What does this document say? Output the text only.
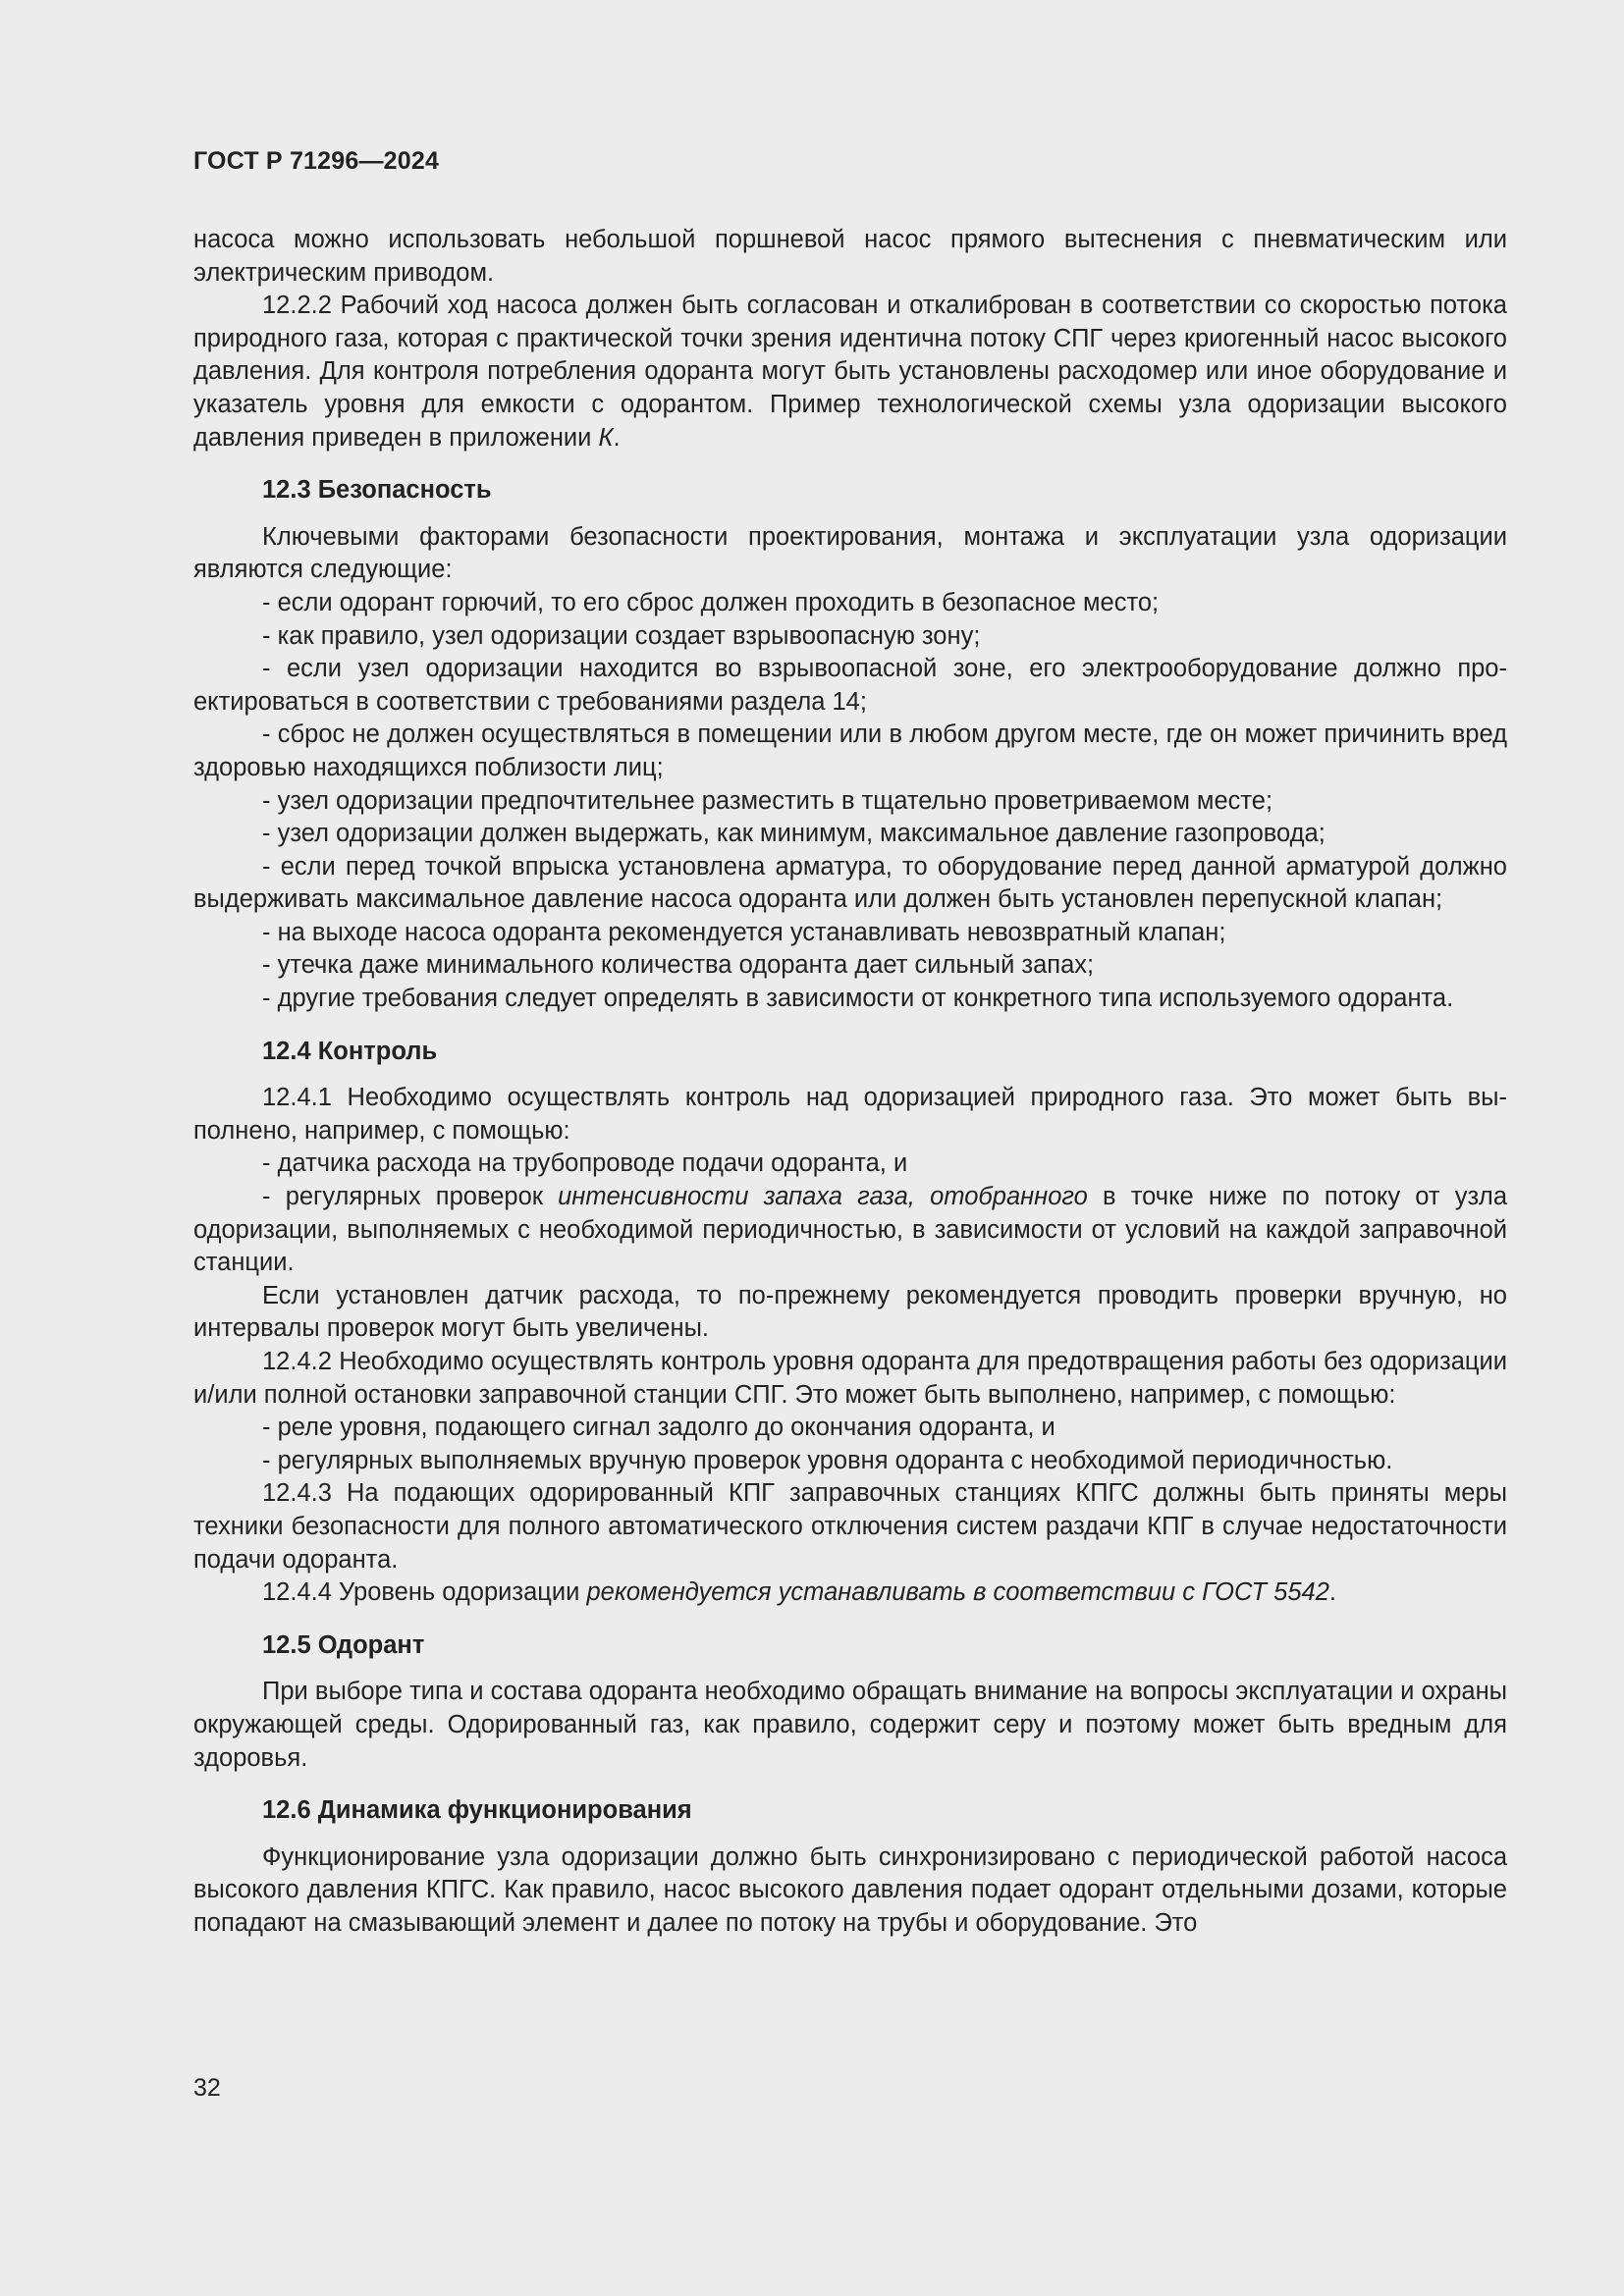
ГОСТ Р 71296—2024

насоса можно использовать небольшой поршневой насос прямого вытеснения с пневматическим или электрическим приводом.

12.2.2 Рабочий ход насоса должен быть согласован и откалиброван в соответствии со скоростью потока природного газа, которая с практической точки зрения идентична потоку СПГ через криогенный насос высокого давления. Для контроля потребления одоранта могут быть установлены расходомер или иное оборудование и указатель уровня для емкости с одорантом. Пример технологической схемы узла одоризации высокого давления приведен в приложении К.

12.3 Безопасность

Ключевыми факторами безопасности проектирования, монтажа и эксплуатации узла одоризации являются следующие:

- если одорант горючий, то его сброс должен проходить в безопасное место;

- как правило, узел одоризации создает взрывоопасную зону;

- если узел одоризации находится во взрывоопасной зоне, его электрооборудование должно проектироваться в соответствии с требованиями раздела 14;

- сброс не должен осуществляться в помещении или в любом другом месте, где он может причинить вред здоровью находящихся поблизости лиц;

- узел одоризации предпочтительнее разместить в тщательно проветриваемом месте;

- узел одоризации должен выдержать, как минимум, максимальное давление газопровода;

- если перед точкой впрыска установлена арматура, то оборудование перед данной арматурой должно выдерживать максимальное давление насоса одоранта или должен быть установлен перепускной клапан;

- на выходе насоса одоранта рекомендуется устанавливать невозвратный клапан;

- утечка даже минимального количества одоранта дает сильный запах;

- другие требования следует определять в зависимости от конкретного типа используемого одоранта.

12.4 Контроль

12.4.1 Необходимо осуществлять контроль над одоризацией природного газа. Это может быть выполнено, например, с помощью:

- датчика расхода на трубопроводе подачи одоранта, и

- регулярных проверок интенсивности запаха газа, отобранного в точке ниже по потоку от узла одоризации, выполняемых с необходимой периодичностью, в зависимости от условий на каждой заправочной станции.

Если установлен датчик расхода, то по-прежнему рекомендуется проводить проверки вручную, но интервалы проверок могут быть увеличены.

12.4.2 Необходимо осуществлять контроль уровня одоранта для предотвращения работы без одоризации и/или полной остановки заправочной станции СПГ. Это может быть выполнено, например, с помощью:

- реле уровня, подающего сигнал задолго до окончания одоранта, и

- регулярных выполняемых вручную проверок уровня одоранта с необходимой периодичностью.

12.4.3 На подающих одорированный КПГ заправочных станциях КПГС должны быть приняты меры техники безопасности для полного автоматического отключения систем раздачи КПГ в случае недостаточности подачи одоранта.

12.4.4 Уровень одоризации рекомендуется устанавливать в соответствии с ГОСТ 5542.

12.5 Одорант

При выборе типа и состава одоранта необходимо обращать внимание на вопросы эксплуатации и охраны окружающей среды. Одорированный газ, как правило, содержит серу и поэтому может быть вредным для здоровья.

12.6 Динамика функционирования

Функционирование узла одоризации должно быть синхронизировано с периодической работой насоса высокого давления КПГС. Как правило, насос высокого давления подает одорант отдельными дозами, которые попадают на смазывающий элемент и далее по потоку на трубы и оборудование. Это

32
